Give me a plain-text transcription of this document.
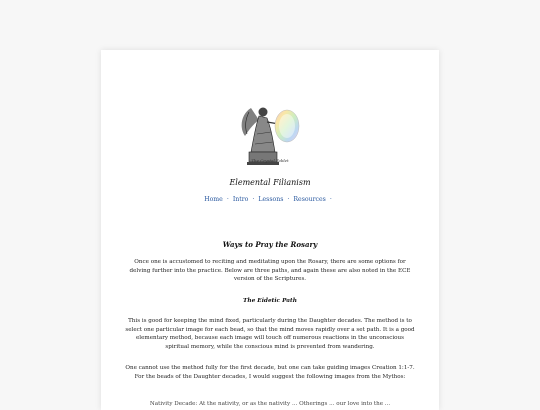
The Crystal Tablet
Elemental Filianism
Home · Intro · Lessons · Resources ·
Ways to Pray the Rosary

Once one is accustomed to reciting and meditating upon the Rosary, there are some options for delving further into the practice. Below are three paths, and again these are also noted in the ECE version of the Scriptures.

The Eidetic Path

This is good for keeping the mind fixed, particularly during the Daughter decades. The method is to select one particular image for each bead, so that the mind moves rapidly over a set path. It is a good elementary method, because each image will touch off numerous reactions in the unconscious spiritual memory, while the conscious mind is prevented from wandering.

One cannot use the method fully for the first decade, but one can take guiding images Creation 1:1-7. For the beads of the Daughter decades, I would suggest the following images from the Mythos:

Nativity Decade: At the nativity, or as the nativity ... Otherings ... our love into the ...
